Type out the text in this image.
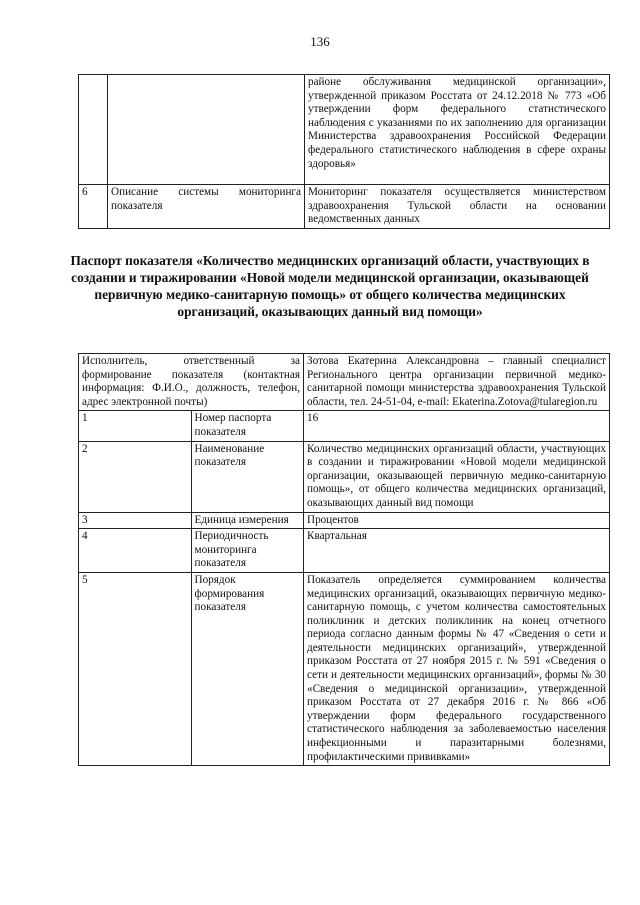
136
		районе обслуживания медицинской организации», утвержденной приказом Росстата от 24.12.2018 № 773 «Об утверждении форм федерального статистического наблюдения с указаниями по их заполнению для организации Министерства здравоохранения Российской Федерации федерального статистического наблюдения в сфере охраны здоровья»
6	Описание системы мониторинга показателя	Мониторинг показателя осуществляется министерством здравоохранения Тульской области на основании ведомственных данных
Паспорт показателя «Количество медицинских организаций области, участвующих в создании и тиражировании «Новой модели медицинской организации, оказывающей первичную медико-санитарную помощь» от общего количества медицинских организаций, оказывающих данный вид помощи»
Исполнитель, ответственный за формирование показателя (контактная информация: Ф.И.О., должность, телефон, адрес электронной почты)		Зотова Екатерина Александровна – главный специалист Регионального центра организации первичной медико-санитарной помощи министерства здравоохранения Тульской области, тел. 24-51-04, e-mail: Ekaterina.Zotova@tularegion.ru
1	Номер паспорта показателя	16
2	Наименование показателя	Количество медицинских организаций области, участвующих в создании и тиражировании «Новой модели медицинской организации, оказывающей первичную медико-санитарную помощь», от общего количества медицинских организаций, оказывающих данный вид помощи
3	Единица измерения	Процентов
4	Периодичность мониторинга показателя	Квартальная
5	Порядок формирования показателя	Показатель определяется суммированием количества медицинских организаций, оказывающих первичную медико-санитарную помощь, с учетом количества самостоятельных поликлиник и детских поликлиник на конец отчетного периода согласно данным формы № 47 «Сведения о сети и деятельности медицинских организаций», утвержденной приказом Росстата от 27 ноября 2015 г. № 591 «Сведения о сети и деятельности медицинских организаций», формы № 30 «Сведения о медицинской организации», утвержденной приказом Росстата от 27 декабря 2016 г. № 866 «Об утверждении форм федерального государственного статистического наблюдения за заболеваемостью населения инфекционными и паразитарными болезнями, профилактическими прививками»
